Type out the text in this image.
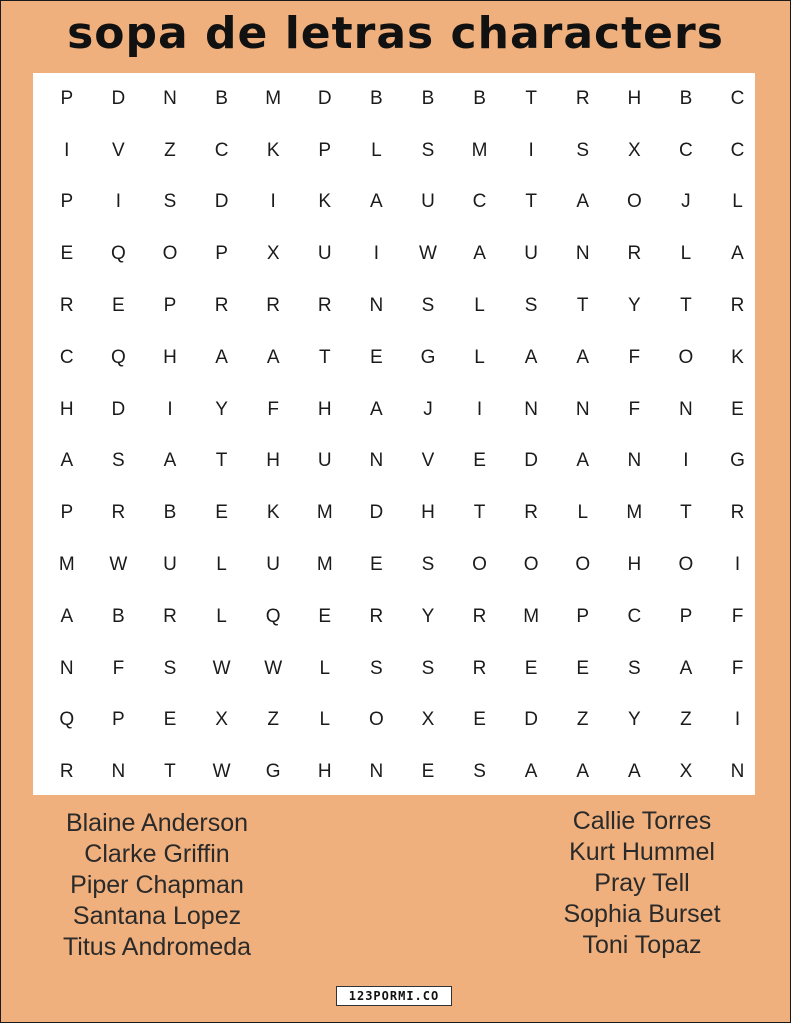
sopa de letras characters
P	D	N	B	M	D	B	B	B	T	R	H	B	C
I	V	Z	C	K	P	L	S	M	I	S	X	C	C
P	I	S	D	I	K	A	U	C	T	A	O	J	L
E	Q	O	P	X	U	I	W	A	U	N	R	L	A
R	E	P	R	R	R	N	S	L	S	T	Y	T	R
C	Q	H	A	A	T	E	G	L	A	A	F	O	K
H	D	I	Y	F	H	A	J	I	N	N	F	N	E
A	S	A	T	H	U	N	V	E	D	A	N	I	G
P	R	B	E	K	M	D	H	T	R	L	M	T	R
M	W	U	L	U	M	E	S	O	O	O	H	O	I
A	B	R	L	Q	E	R	Y	R	M	P	C	P	F
N	F	S	W	W	L	S	S	R	E	E	S	A	F
Q	P	E	X	Z	L	O	X	E	D	Z	Y	Z	I
R	N	T	W	G	H	N	E	S	A	A	A	X	N
Blaine Anderson
Clarke Griffin
Piper Chapman
Santana Lopez
Titus Andromeda
Callie Torres
Kurt Hummel
Pray Tell
Sophia Burset
Toni Topaz
123PORMI.CO
